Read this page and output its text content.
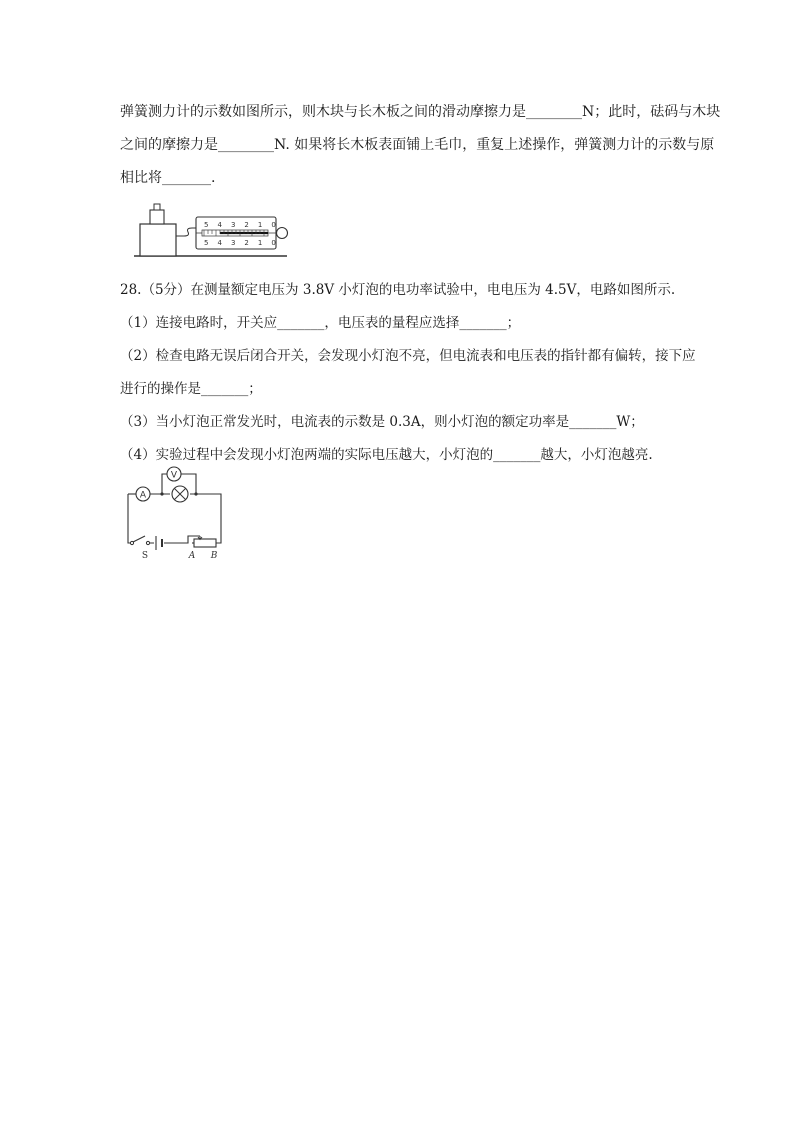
弹簧测力计的示数如图所示，则木块与长木板之间的滑动摩擦力是________N；此时，砝码与木块
之间的摩擦力是________N. 如果将长木板表面铺上毛巾，重复上述操作，弹簧测力计的示数与原
相比将_______.
5 4 3 2 1 0
5 4 3 2 1 0
28.（5分）在测量额定电压为 3.8V 小灯泡的电功率试验中，电电压为 4.5V，电路如图所示.
（1）连接电路时，开关应_______，电压表的量程应选择_______；
（2）检查电路无误后闭合开关，会发现小灯泡不亮，但电流表和电压表的指针都有偏转，接下应
进行的操作是_______；
（3）当小灯泡正常发光时，电流表的示数是 0.3A，则小灯泡的额定功率是_______W；
（4）实验过程中会发现小灯泡两端的实际电压越大，小灯泡的_______越大，小灯泡越亮.
A
V
S	A B
